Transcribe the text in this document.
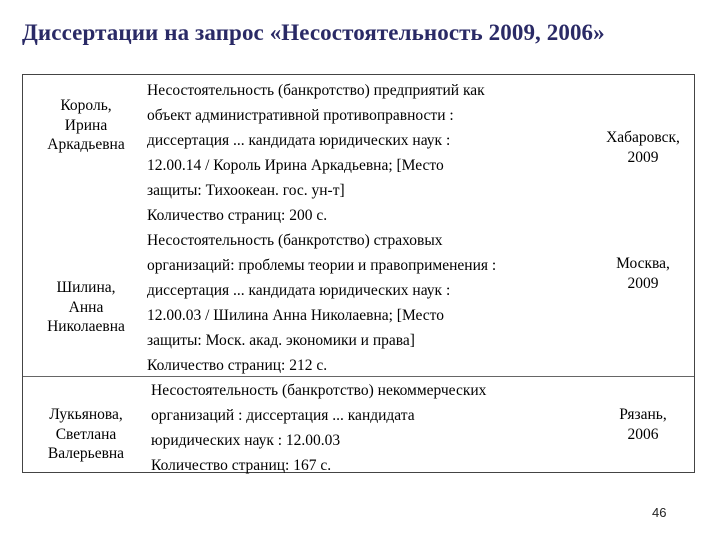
Диссертации на запрос «Несостоятельность 2009, 2006»
Король,
Ирина
Аркадьевна
Несостоятельность (банкротство) предприятий как
объект административной противоправности :
диссертация ... кандидата юридических наук :
12.00.14 / Король Ирина Аркадьевна; [Место
защиты: Тихоокеан. гос. ун-т]
Количество страниц: 200 с.
Хабаровск,
2009
Шилина,
Анна
Николаевна
Несостоятельность (банкротство) страховых
организаций: проблемы теории и правоприменения :
диссертация ... кандидата юридических наук :
12.00.03 / Шилина Анна Николаевна; [Место
защиты: Моск. акад. экономики и права]
Количество страниц: 212 с.
Москва,
2009
Лукьянова,
Светлана
Валерьевна
Несостоятельность (банкротство) некоммерческих
организаций : диссертация ... кандидата
юридических наук : 12.00.03
Количество страниц: 167 с.
Рязань,
2006
46
